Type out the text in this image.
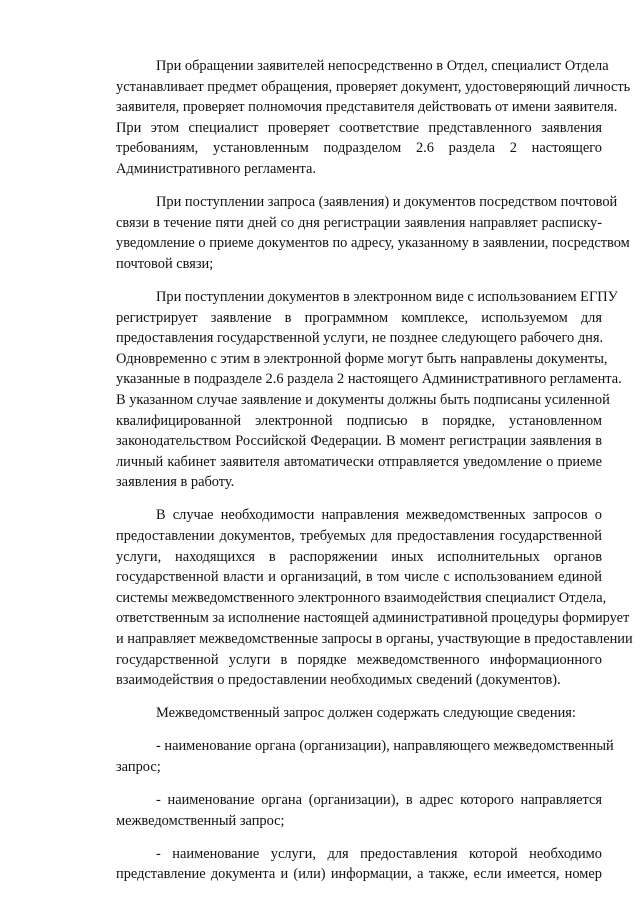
При обращении заявителей непосредственно в Отдел, специалист Отдела
устанавливает предмет обращения, проверяет документ, удостоверяющий личность
заявителя, проверяет полномочия представителя действовать от имени заявителя.
При этом специалист проверяет соответствие представленного заявления
требованиям, установленным подразделом 2.6 раздела 2 настоящего
Административного регламента.
При поступлении запроса (заявления) и документов посредством почтовой
связи в течение пяти дней со дня регистрации заявления направляет расписку-
уведомление о приеме документов по адресу, указанному в заявлении, посредством
почтовой связи;
При поступлении документов в электронном виде с использованием ЕГПУ
регистрирует заявление в программном комплексе, используемом для
предоставления государственной услуги, не позднее следующего рабочего дня.
Одновременно с этим в электронной форме могут быть направлены документы,
указанные в подразделе 2.6 раздела 2 настоящего Административного регламента.
В указанном случае заявление и документы должны быть подписаны усиленной
квалифицированной электронной подписью в порядке, установленном
законодательством Российской Федерации. В момент регистрации заявления в
личный кабинет заявителя автоматически отправляется уведомление о приеме
заявления в работу.
В случае необходимости направления межведомственных запросов о
предоставлении документов, требуемых для предоставления государственной
услуги, находящихся в распоряжении иных исполнительных органов
государственной власти и организаций, в том числе с использованием единой
системы межведомственного электронного взаимодействия специалист Отдела,
ответственным за исполнение настоящей административной процедуры формирует
и направляет межведомственные запросы в органы, участвующие в предоставлении
государственной услуги в порядке межведомственного информационного
взаимодействия о предоставлении необходимых сведений (документов).
Межведомственный запрос должен содержать следующие сведения:
- наименование органа (организации), направляющего межведомственный
запрос;
- наименование органа (организации), в адрес которого направляется
межведомственный запрос;
- наименование услуги, для предоставления которой необходимо
представление документа и (или) информации, а также, если имеется, номер
